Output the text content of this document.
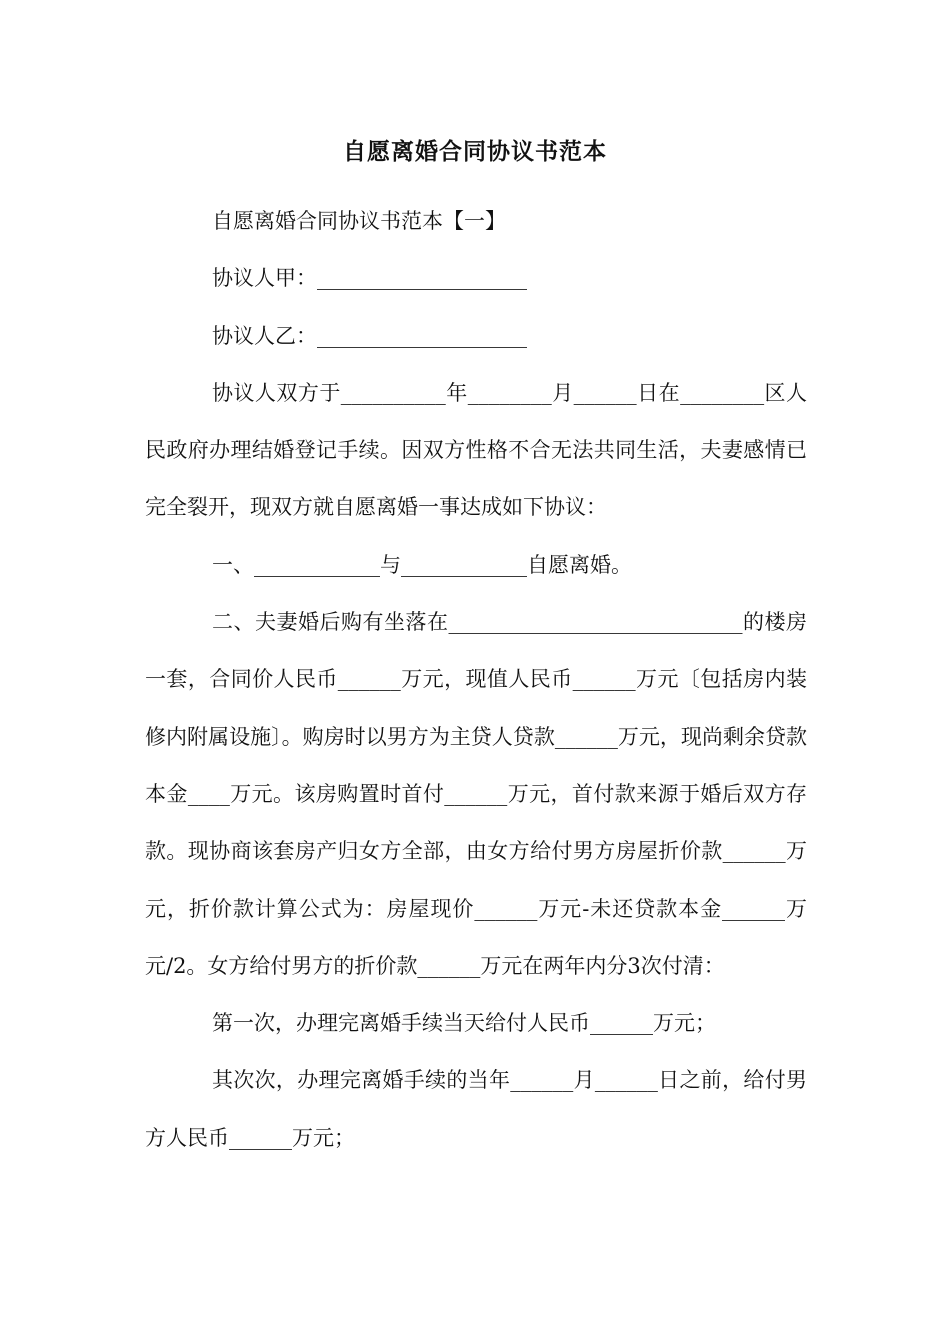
自愿离婚合同协议书范本

自愿离婚合同协议书范本【一】

协议人甲：____________________

协议人乙：____________________

协议人双方于__________年________月______日在________区人民政府办理结婚登记手续。因双方性格不合无法共同生活，夫妻感情已完全裂开，现双方就自愿离婚一事达成如下协议：

一、____________与____________自愿离婚。

二、夫妻婚后购有坐落在____________________________的楼房一套，合同价人民币______万元，现值人民币______万元〔包括房内装修内附属设施〕。购房时以男方为主贷人贷款______万元，现尚剩余贷款本金____万元。该房购置时首付______万元，首付款来源于婚后双方存款。现协商该套房产归女方全部，由女方给付男方房屋折价款______万元，折价款计算公式为：房屋现价______万元-未还贷款本金______万元/2。女方给付男方的折价款______万元在两年内分3次付清：

第一次，办理完离婚手续当天给付人民币______万元；

其次次，办理完离婚手续的当年______月______日之前，给付男方人民币______万元；
